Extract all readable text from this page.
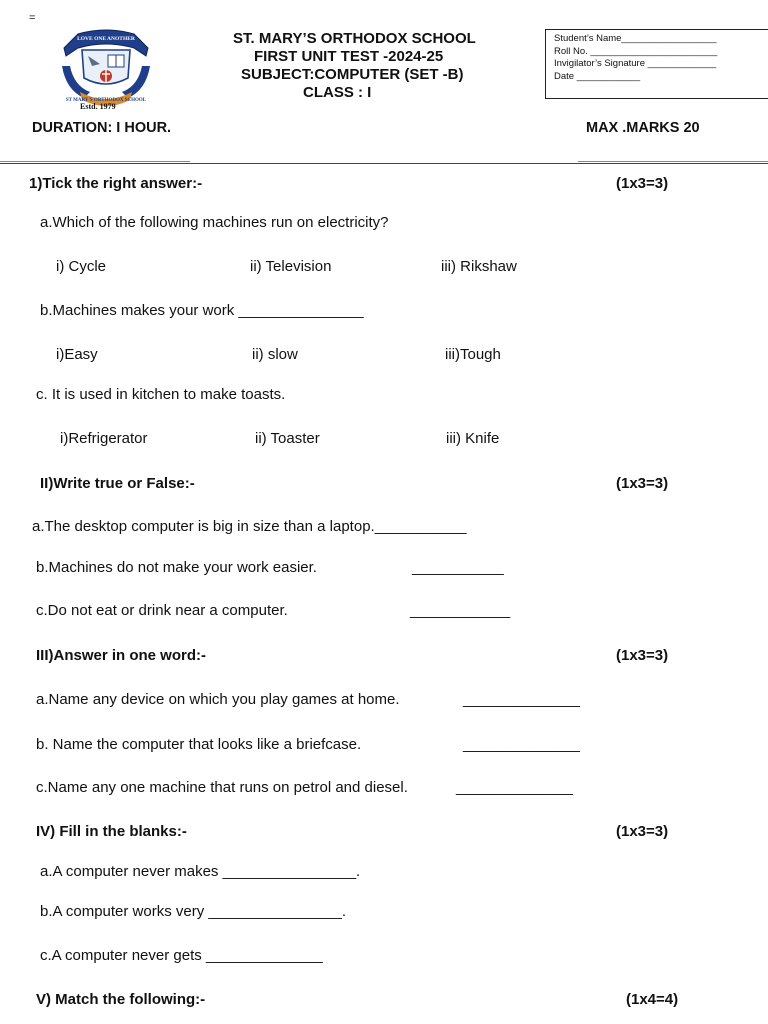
=
LOVE ONE ANOTHER
ST MARY'S ORTHODOX SCHOOL
Estd. 1979
ST. MARY’S ORTHODOX SCHOOL
FIRST UNIT TEST -2024-25
SUBJECT:COMPUTER (SET -B)
CLASS : I
Student’s Name__________________
Roll No. ________________________
Invigilator’s Signature _____________
Date ____________
DURATION: I HOUR.	MAX .MARKS 20
1)Tick the right answer:-	(1x3=3)
a.Which of the following machines run on electricity?
i) Cycle	ii) Television	iii) Rikshaw
b.Machines makes your work _______________
i)Easy	ii) slow	iii)Tough
c. It is used in kitchen to make toasts.
i)Refrigerator	ii) Toaster	iii) Knife
II)Write true or False:-	(1x3=3)
a.The desktop computer is big in size than a laptop.___________
b.Machines do not make your work easier.	___________
c.Do not eat or drink near a computer.	____________
III)Answer in one word:-	(1x3=3)
a.Name any device on which you play games at home.	______________
b. Name the computer that looks like a briefcase.	______________
c.Name any one machine that runs on petrol and diesel.	______________
IV) Fill in the blanks:-	(1x3=3)
a.A computer never makes ________________.
b.A computer works very ________________.
c.A computer never gets ______________
V) Match the following:-	(1x4=4)
